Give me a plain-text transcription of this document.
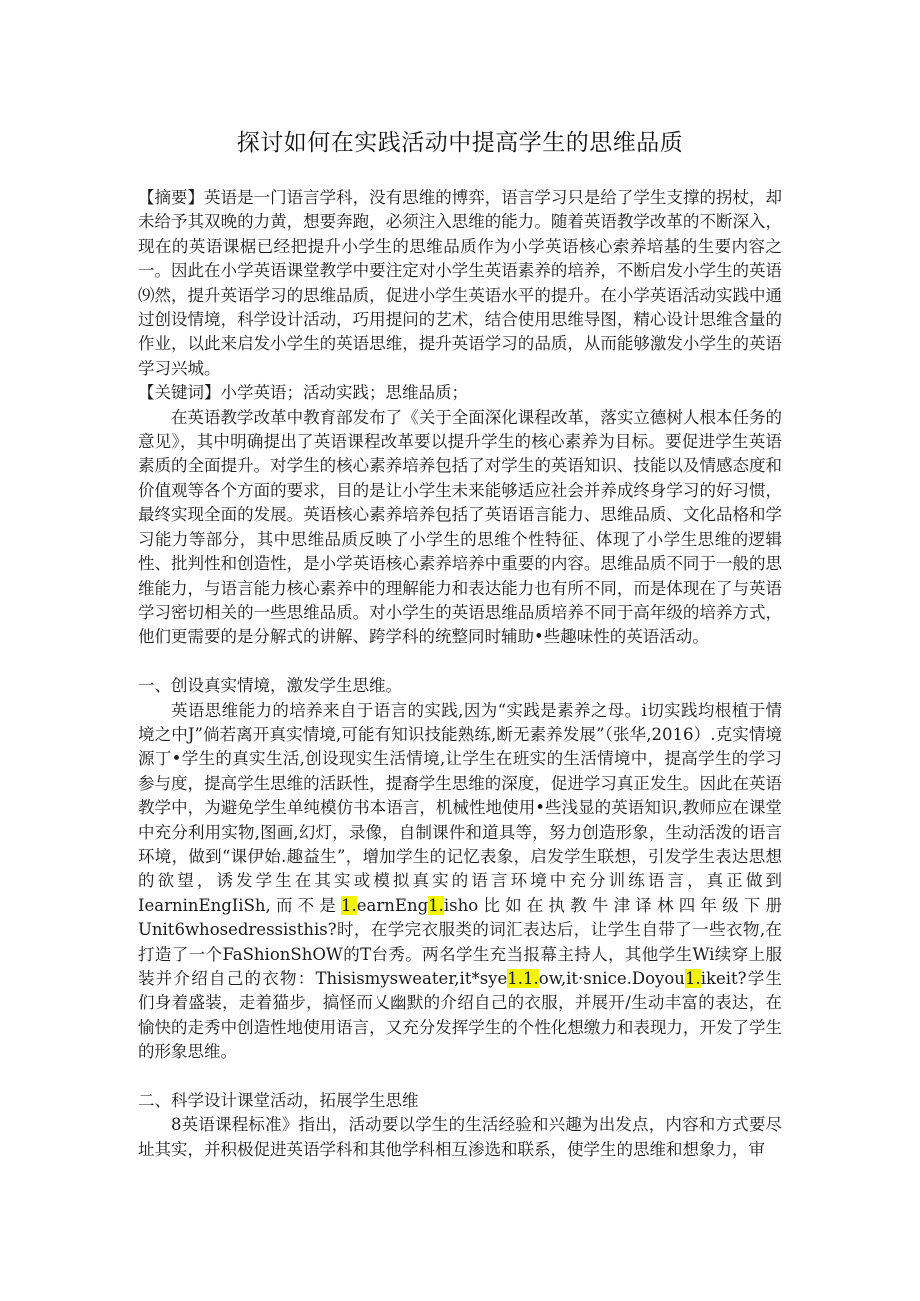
探讨如何在实践活动中提高学生的思维品质

【摘要】英语是一门语言学科，没有思维的博弈，语言学习只是给了学生支撑的拐杖，却未给予其双晚的力黄，想要奔跑，必须注入思维的能力。随着英语教学改革的不断深入，现在的英语课椐已经把提升小学生的思维品质作为小学英语核心索养培基的生要内容之一。因此在小学英语课堂教学中要注定对小学生英语素养的培养，不断启发小学生的英语⑼然，提升英语学习的思维品质，促进小学生英语水平的提升。在小学英语活动实践中通过创设情境，科学设计活动，巧用提问的艺术，结合使用思维导图，精心设计思维含量的作业，以此来启发小学生的英语思维，提升英语学习的品质，从而能够激发小学生的英语学习兴城。

【关键词】小学英语；活动实践；思维品质；

在英语教学改革中教育部发布了《关于全面深化课程改革，落实立德树人根本任务的意见》，其中明确提出了英语课程改革要以提升学生的核心素养为目标。要促进学生英语素质的全面提升。对学生的核心素养培养包括了对学生的英语知识、技能以及情感态度和价值观等各个方面的要求，目的是让小学生未来能够适应社会并养成终身学习的好习惯，最终实现全面的发展。英语核心素养培养包括了英语语言能力、思维品质、文化品格和学习能力等部分，其中思维品质反映了小学生的思维个性特征、体现了小学生思维的逻辑性、批判性和创造性，是小学英语核心素养培养中重要的内容。思维品质不同于一般的思维能力，与语言能力核心素养中的理解能力和表达能力也有所不同，而是体现在了与英语学习密切相关的一些思维品质。对小学生的英语思维品质培养不同于高年级的培养方式，他们更需要的是分解式的讲解、跨学科的统整同时辅助•些趣味性的英语活动。

一、创设真实情境，激发学生思维。

英语思维能力的培养来自于语言的实践,因为“实践是素养之母。i切实践均根植于情境之中J”倘若离开真实情境,可能有知识技能熟练,断无素养发展”（张华,2016）.克实情境源丁•学生的真实生活,创设现实生活情境,让学生在班实的生活情境中，提高学生的学习参与度，提高学生思维的活跃性，提裔学生思维的深度，促进学习真正发生。因此在英语教学中，为避免学生单纯模仿书本语言，机械性地使用•些浅显的英语知识,教师应在课堂中充分利用实物,图画,幻灯，录像，自制课件和道具等，努力创造形象，生动活泼的语言环境，做到“课伊始.趣益生”，增加学生的记忆表象，启发学生联想，引发学生表达思想的欲望，诱发学生在其实或模拟真实的语言环境中充分训练语言，真正做到IearninEngIiSh,而不是1.earnEng1.isho比如在执教牛津译林四年级下册Unit6whosedressisthis?时，在学完衣服类的词汇表达后，让学生自带了一些衣物,在打造了一个FaShionShOW的T台秀。两名学生充当报幕主持人，其他学生Wi续穿上服装并介绍自己的衣物：Thisismysweater,it*sye1.1.ow,it·snice.Doyou1.ikeit?学生们身着盛装，走着猫步，搞怪而乂幽默的介绍自己的衣服，并展开/生动丰富的表达，在愉快的走秀中创造性地使用语言，又充分发挥学生的个性化想缴力和表现力，开发了学生的形象思维。

二、科学设计课堂活动，拓展学生思维

8英语课程标准》指出，活动要以学生的生活经验和兴趣为出发点，内容和方式要尽址其实，并积极促进英语学科和其他学科相互渗选和联系，使学生的思维和想象力，审
